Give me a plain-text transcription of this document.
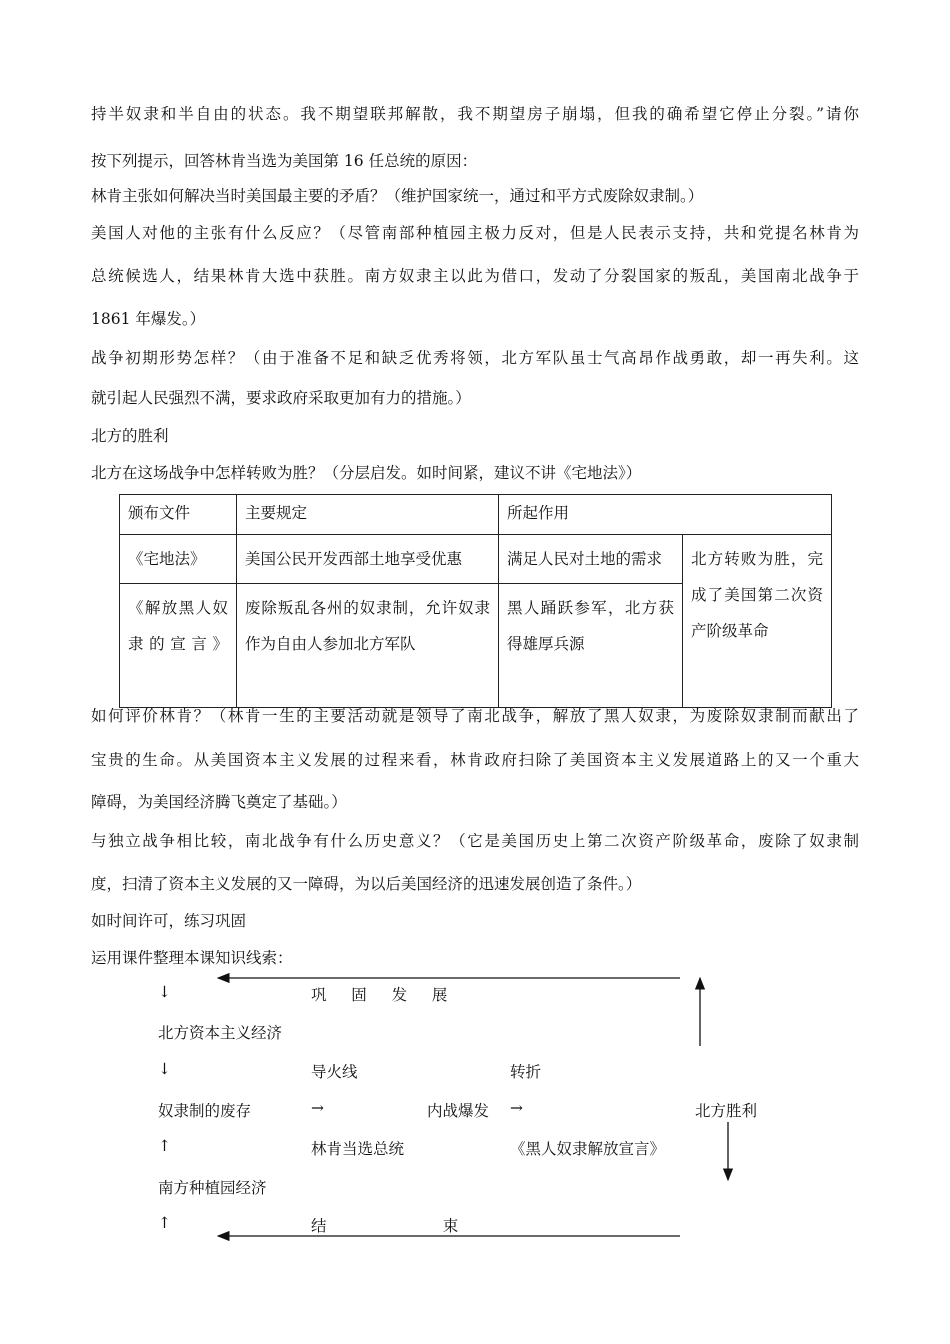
持半奴隶和半自由的状态。我不期望联邦解散，我不期望房子崩塌，但我的确希望它停止分裂。”请你
按下列提示，回答林肯当选为美国第 16 任总统的原因：
林肯主张如何解决当时美国最主要的矛盾？（维护国家统一，通过和平方式废除奴隶制。）
美国人对他的主张有什么反应？（尽管南部种植园主极力反对，但是人民表示支持，共和党提名林肯为
总统候选人，结果林肯大选中获胜。南方奴隶主以此为借口，发动了分裂国家的叛乱，美国南北战争于
1861 年爆发。）
战争初期形势怎样？（由于准备不足和缺乏优秀将领，北方军队虽士气高昂作战勇敢，却一再失利。这
就引起人民强烈不满，要求政府采取更加有力的措施。）
北方的胜利
北方在这场战争中怎样转败为胜？（分层启发。如时间紧，建议不讲《宅地法》）
颁布文件	主要规定	所起作用	
《宅地法》	美国公民开发西部土地享受优惠	满足人民对土地的需求	北方转败为胜，完成了美国第二次资产阶级革命
《解放黑人奴隶的宣言》	废除叛乱各州的奴隶制，允许奴隶作为自由人参加北方军队	黑人踊跃参军，北方获得雄厚兵源	
如何评价林肯？（林肯一生的主要活动就是领导了南北战争，解放了黑人奴隶，为废除奴隶制而献出了
宝贵的生命。从美国资本主义发展的过程来看，林肯政府扫除了美国资本主义发展道路上的又一个重大
障碍，为美国经济腾飞奠定了基础。）
与独立战争相比较，南北战争有什么历史意义？（它是美国历史上第二次资产阶级革命，废除了奴隶制
度，扫清了资本主义发展的又一障碍，为以后美国经济的迅速发展创造了条件。）
如时间许可，练习巩固
运用课件整理本课知识线索：
↓	巩固发展
北方资本主义经济
↓	导火线	转折
奴隶制的废存	→	内战爆发 →	北方胜利
↑	林肯当选总统	《黑人奴隶解放宣言》
南方种植园经济
↑	结束
